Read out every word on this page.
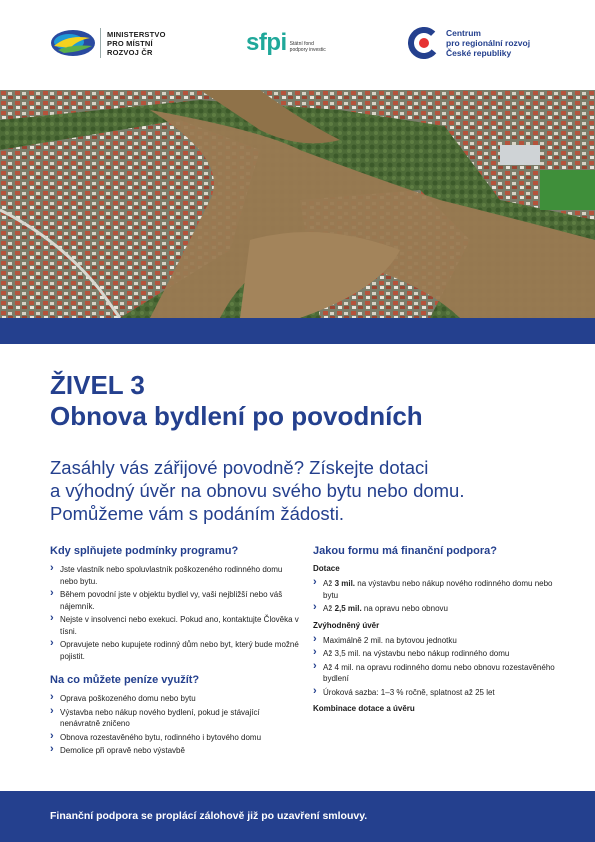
MINISTERSTVO
PRO MÍSTNÍ
ROZVOJ ČR	sfpi Státní fond
podpory investic
Centrum
pro regionální rozvoj
České republiky
ŽIVEL 3
Obnova bydlení po povodních
Zasáhly vás zářijové povodně? Získejte dotaci
a výhodný úvěr na obnovu svého bytu nebo domu.
Pomůžeme vám s podáním žádosti.
Kdy splňujete podmínky programu?
› Jste vlastník nebo spoluvlastník poškozeného rodinného domu nebo bytu.
› Během povodní jste v objektu bydlel vy, vaši nejbližší nebo váš nájemník.
› Nejste v insolvenci nebo exekuci. Pokud ano, kontaktujte Člověka v tísni.
› Opravujete nebo kupujete rodinný dům nebo byt, který bude možné pojistit.
Na co můžete peníze využít?
› Oprava poškozeného domu nebo bytu
› Výstavba nebo nákup nového bydlení, pokud je stávající nenávratně zničeno
› Obnova rozestavěného bytu, rodinného i bytového domu
› Demolice při opravě nebo výstavbě
Jakou formu má finanční podpora?
Dotace
› Až 3 mil. na výstavbu nebo nákup nového rodinného domu nebo bytu
› Až 2,5 mil. na opravu nebo obnovu
Zvýhodněný úvěr
› Maximálně 2 mil. na bytovou jednotku
› Až 3,5 mil. na výstavbu nebo nákup rodinného domu
› Až 4 mil. na opravu rodinného domu nebo obnovu rozestavěného bydlení
› Úroková sazba: 1–3 % ročně, splatnost až 25 let
Kombinace dotace a úvěru
Finanční podpora se proplácí zálohově již po uzavření smlouvy.
